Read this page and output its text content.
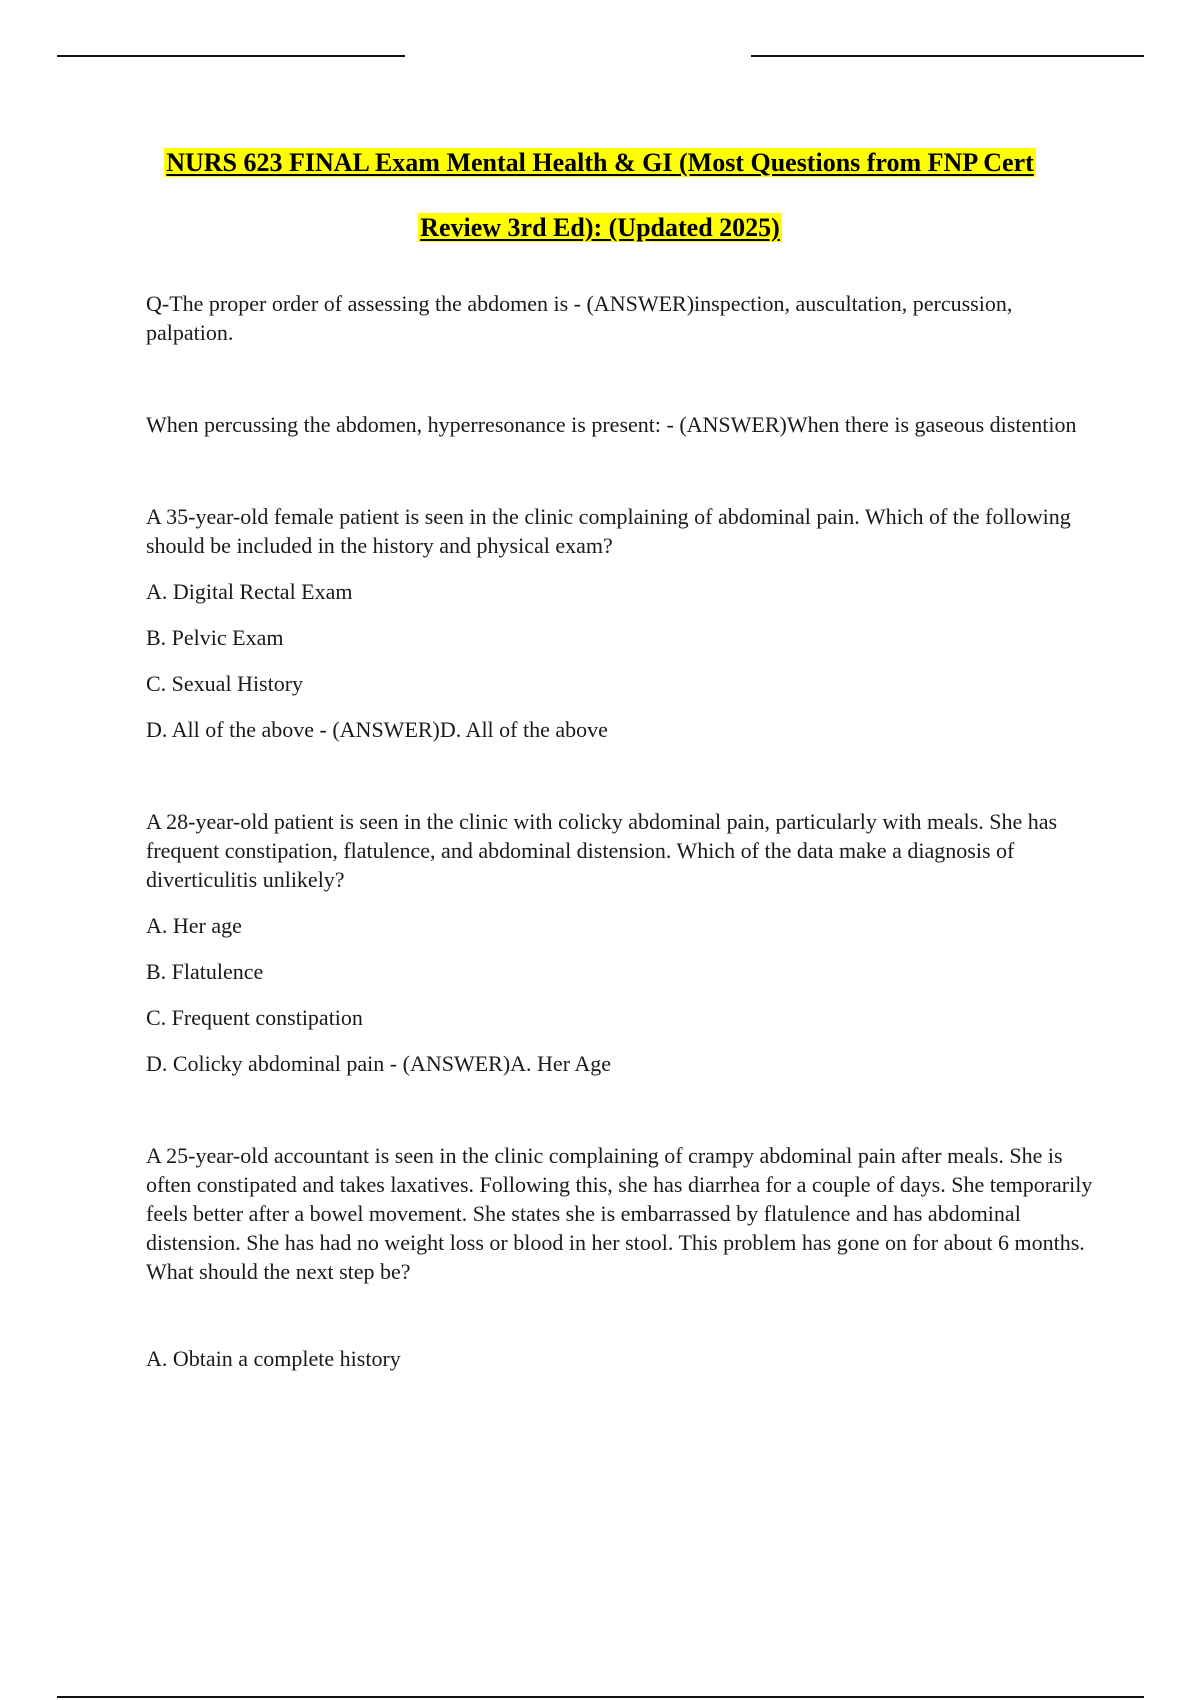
NURS 623 FINAL Exam Mental Health & GI (Most Questions from FNP Cert
Review 3rd Ed): (Updated 2025)

Q-The proper order of assessing the abdomen is - (ANSWER)inspection, auscultation, percussion, palpation.

When percussing the abdomen, hyperresonance is present: - (ANSWER)When there is gaseous distention

A 35-year-old female patient is seen in the clinic complaining of abdominal pain. Which of the following should be included in the history and physical exam?

A. Digital Rectal Exam

B. Pelvic Exam

C. Sexual History

D. All of the above - (ANSWER)D. All of the above

A 28-year-old patient is seen in the clinic with colicky abdominal pain, particularly with meals. She has frequent constipation, flatulence, and abdominal distension. Which of the data make a diagnosis of diverticulitis unlikely?

A. Her age

B. Flatulence

C. Frequent constipation

D. Colicky abdominal pain - (ANSWER)A. Her Age

A 25-year-old accountant is seen in the clinic complaining of crampy abdominal pain after meals. She is often constipated and takes laxatives. Following this, she has diarrhea for a couple of days. She temporarily feels better after a bowel movement. She states she is embarrassed by flatulence and has abdominal distension. She has had no weight loss or blood in her stool. This problem has gone on for about 6 months. What should the next step be?

A. Obtain a complete history
